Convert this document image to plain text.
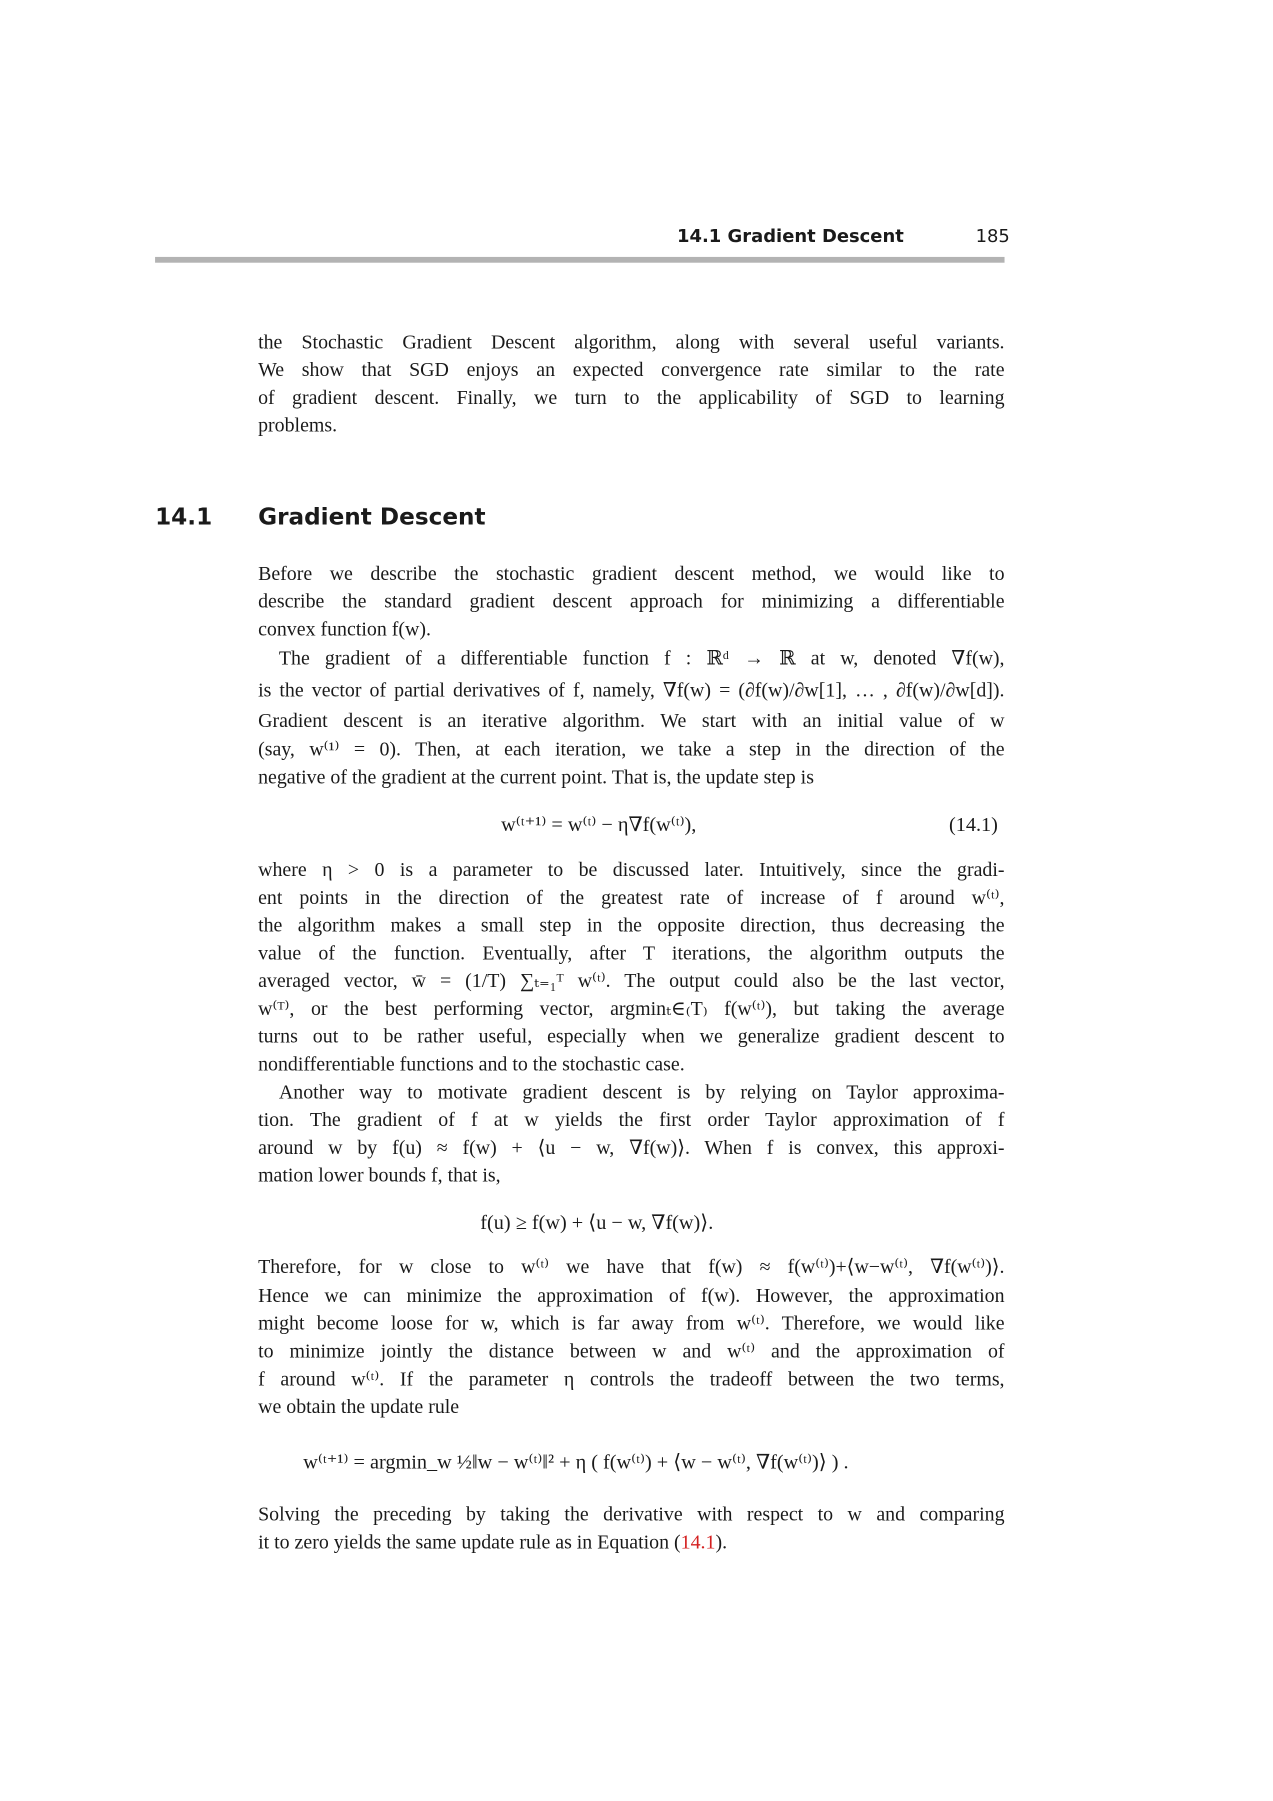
14.1 Gradient Descent	185
the Stochastic Gradient Descent algorithm, along with several useful variants.
We show that SGD enjoys an expected convergence rate similar to the rate
of gradient descent. Finally, we turn to the applicability of SGD to learning
problems.
14.1 Gradient Descent
Before we describe the stochastic gradient descent method, we would like to
describe the standard gradient descent approach for minimizing a differentiable
convex function f(w).
The gradient of a differentiable function f : ℝᵈ → ℝ at w, denoted ∇f(w),
is the vector of partial derivatives of f, namely, ∇f(w) = (∂f(w)/∂w[1], … , ∂f(w)/∂w[d]).
Gradient descent is an iterative algorithm. We start with an initial value of w
(say, w⁽¹⁾ = 0). Then, at each iteration, we take a step in the direction of the
negative of the gradient at the current point. That is, the update step is
w⁽ᵗ⁺¹⁾ = w⁽ᵗ⁾ − η∇f(w⁽ᵗ⁾),	(14.1)
where η > 0 is a parameter to be discussed later. Intuitively, since the gradi-
ent points in the direction of the greatest rate of increase of f around w⁽ᵗ⁾,
the algorithm makes a small step in the opposite direction, thus decreasing the
value of the function. Eventually, after T iterations, the algorithm outputs the
averaged vector, w̄ = (1/T) ∑ₜ₌₁ᵀ w⁽ᵗ⁾. The output could also be the last vector,
w⁽ᵀ⁾, or the best performing vector, argminₜ∈₍T₎ f(w⁽ᵗ⁾), but taking the average
turns out to be rather useful, especially when we generalize gradient descent to
nondifferentiable functions and to the stochastic case.
Another way to motivate gradient descent is by relying on Taylor approxima-
tion. The gradient of f at w yields the first order Taylor approximation of f
around w by f(u) ≈ f(w) + ⟨u − w, ∇f(w)⟩. When f is convex, this approxi-
mation lower bounds f, that is,
f(u) ≥ f(w) + ⟨u − w, ∇f(w)⟩.
Therefore, for w close to w⁽ᵗ⁾ we have that f(w) ≈ f(w⁽ᵗ⁾)+⟨w−w⁽ᵗ⁾, ∇f(w⁽ᵗ⁾)⟩.
Hence we can minimize the approximation of f(w). However, the approximation
might become loose for w, which is far away from w⁽ᵗ⁾. Therefore, we would like
to minimize jointly the distance between w and w⁽ᵗ⁾ and the approximation of
f around w⁽ᵗ⁾. If the parameter η controls the tradeoff between the two terms,
we obtain the update rule
w⁽ᵗ⁺¹⁾ = argmin_w ½‖w − w⁽ᵗ⁾‖² + η ( f(w⁽ᵗ⁾) + ⟨w − w⁽ᵗ⁾, ∇f(w⁽ᵗ⁾)⟩ ) .
Solving the preceding by taking the derivative with respect to w and comparing
it to zero yields the same update rule as in Equation (14.1).
